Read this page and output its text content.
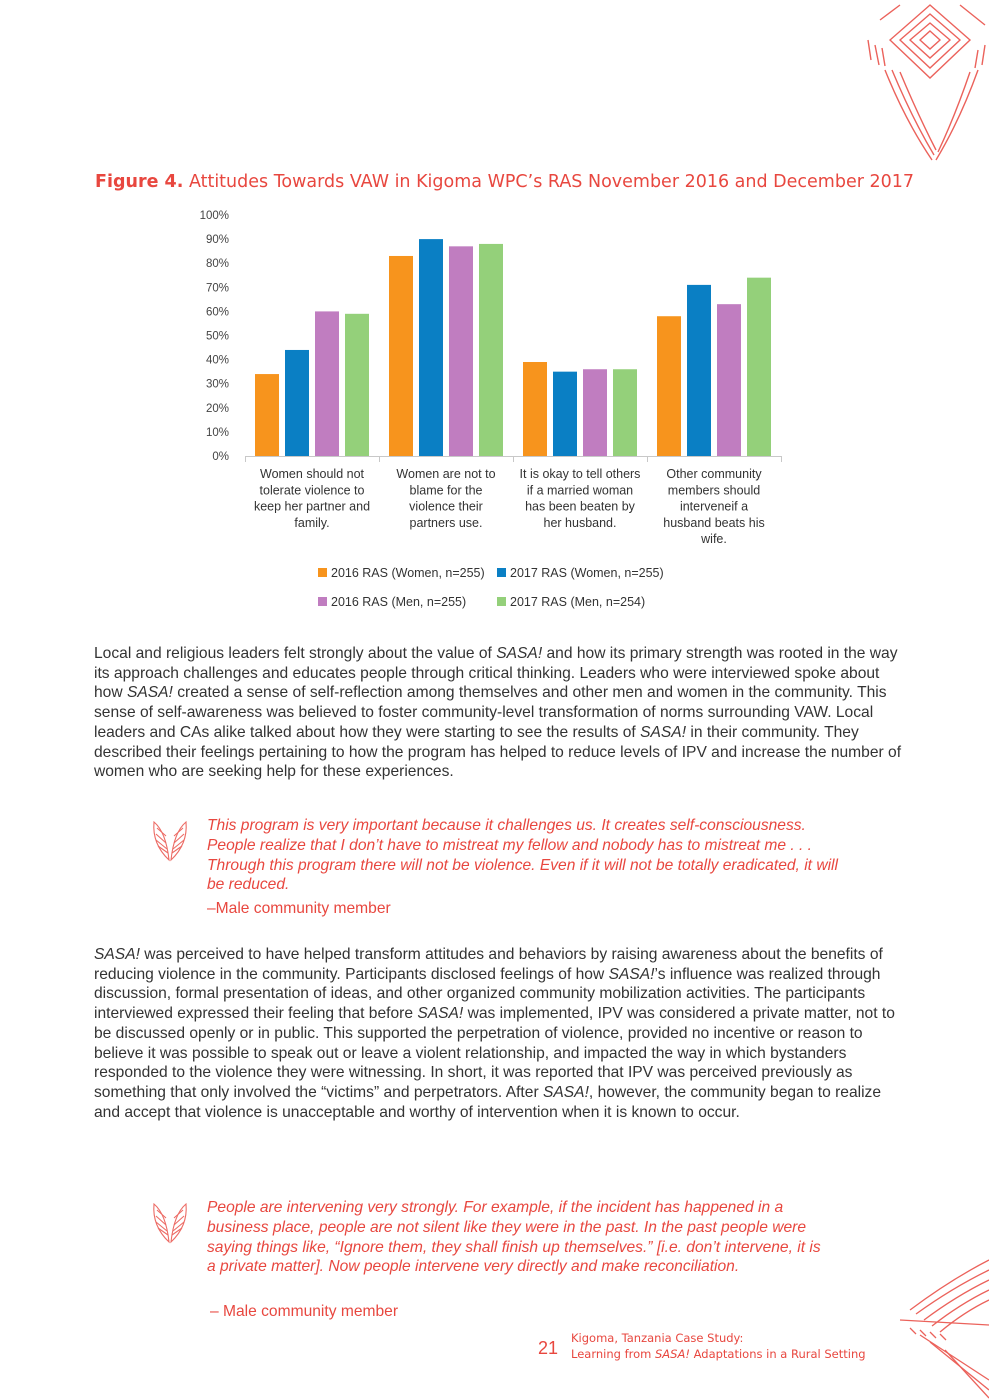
Figure 4. Attitudes Towards VAW in Kigoma WPC’s RAS November 2016 and December 2017
0%
10%
20%
30%
40%
50%
60%
70%
80%
90%
100%
Women should not
tolerate violence to
keep her partner and
family.
Women are not to
blame for the
violence their
partners use.
It is okay to tell others
if a married woman
has been beaten by
her husband.
Other community
members should
interveneif a
husband beats his
wife.
2016 RAS (Women, n=255)	2017 RAS (Women, n=255)
2016 RAS (Men, n=255)	2017 RAS (Men, n=254)

Local and religious leaders felt strongly about the value of SASA! and how its primary strength was rooted in the way its approach challenges and educates people through critical thinking. Leaders who were interviewed spoke about how SASA! created a sense of self-reflection among themselves and other men and women in the community. This sense of self-awareness was believed to foster community-level transformation of norms surrounding VAW. Local leaders and CAs alike talked about how they were starting to see the results of SASA! in their community. They described their feelings pertaining to how the program has helped to reduce levels of IPV and increase the number of women who are seeking help for these experiences.

This program is very important because it challenges us. It creates self-consciousness. People realize that I don’t have to mistreat my fellow and nobody has to mistreat me . . . Through this program there will not be violence. Even if it will not be totally eradicated, it will be reduced.

–Male community member

SASA! was perceived to have helped transform attitudes and behaviors by raising awareness about the benefits of reducing violence in the community. Participants disclosed feelings of how SASA!’s influence was realized through discussion, formal presentation of ideas, and other organized community mobilization activities. The participants interviewed expressed their feeling that before SASA! was implemented, IPV was considered a private matter, not to be discussed openly or in public. This supported the perpetration of violence, provided no incentive or reason to believe it was possible to speak out or leave a violent relationship, and impacted the way in which bystanders responded to the violence they were witnessing. In short, it was reported that IPV was perceived previously as something that only involved the “victims” and perpetrators. After SASA!, however, the community began to realize and accept that violence is unacceptable and worthy of intervention when it is known to occur.

People are intervening very strongly. For example, if the incident has happened in a business place, people are not silent like they were in the past. In the past people were saying things like, “Ignore them, they shall finish up themselves.” [i.e. don’t intervene, it is a private matter]. Now people intervene very directly and make reconciliation.

– Male community member
21 Kigoma, Tanzania Case Study:
Learning from SASA! Adaptations in a Rural Setting
